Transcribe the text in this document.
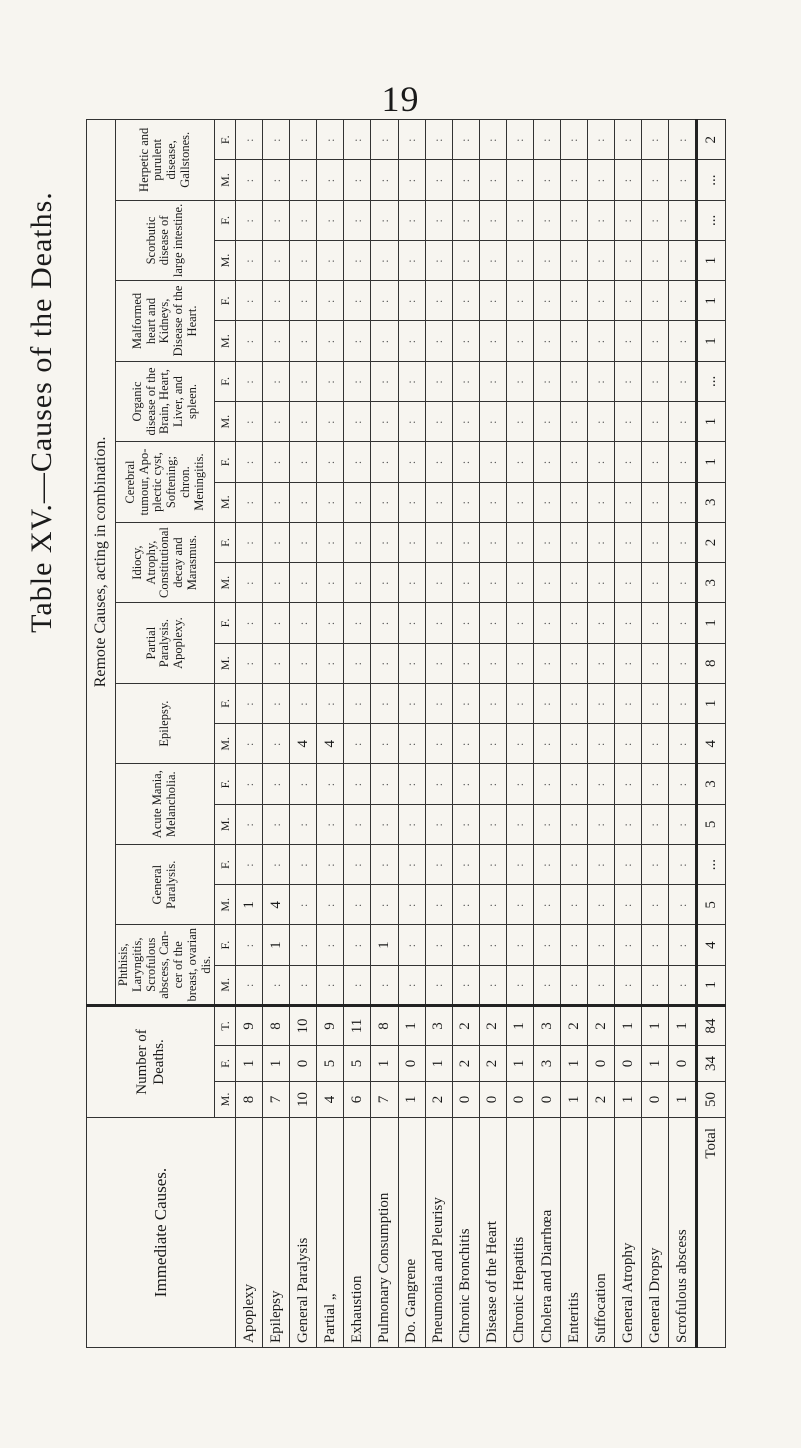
19
Table XV.—Causes of the Deaths.
Immediate Causes.	Number of Deaths.			Remote Causes, acting in combination.																					
				Phthisis, Laryngitis, Scrofulous abscess, Can-cer of the breast, ovarian dis.		General Paralysis.		Acute Mania, Melancholia.		Epilepsy.		Partial Paralysis. Apoplexy.		Idiocy, Atrophy, Constitutional decay and Marasmus.		Cerebral tumour, Apo-plectic cyst, Softening; chron. Meningitis.		Organic disease of the Brain, Heart, Liver, and spleen.		Malformed heart and Kidneys, Disease of the Heart.		Scorbutic disease of large intestine.		Herpetic and purulent disease, Gallstones.	
	M.	F.	T.	M.	F.	M.	F.	M.	F.	M.	F.	M.	F.	M.	F.	M.	F.	M.	F.	M.	F.	M.	F.	M.	F.
Apoplexy	8	1	9	:	:	1	:	:	:	:	:	:	:	:	:	:	:	:	:	:	:	:	:	:	:
Epilepsy	7	1	8	:	1	4	:	:	:	:	:	:	:	:	:	:	:	:	:	:	:	:	:	:	:
General Paralysis	10	0	10	:	:	:	:	:	:	4	:	:	:	:	:	:	:	:	:	:	:	:	:	:	:
Partial „	4	5	9	:	:	:	:	:	:	4	:	:	:	:	:	:	:	:	:	:	:	:	:	:	:
Exhaustion	6	5	11	:	:	:	:	:	:	:	:	:	:	:	:	:	:	:	:	:	:	:	:	:	:
Pulmonary Consumption	7	1	8	:	1	:	:	:	:	:	:	:	:	:	:	:	:	:	:	:	:	:	:	:	:
Do. Gangrene	1	0	1	:	:	:	:	:	:	:	:	:	:	:	:	:	:	:	:	:	:	:	:	:	:
Pneumonia and Pleurisy	2	1	3	:	:	:	:	:	:	:	:	:	:	:	:	:	:	:	:	:	:	:	:	:	:
Chronic Bronchitis	0	2	2	:	:	:	:	:	:	:	:	:	:	:	:	:	:	:	:	:	:	:	:	:	:
Disease of the Heart	0	2	2	:	:	:	:	:	:	:	:	:	:	:	:	:	:	:	:	:	:	:	:	:	:
Chronic Hepatitis	0	1	1	:	:	:	:	:	:	:	:	:	:	:	:	:	:	:	:	:	:	:	:	:	:
Cholera and Diarrhœa	0	3	3	:	:	:	:	:	:	:	:	:	:	:	:	:	:	:	:	:	:	:	:	:	:
Enteritis	1	1	2	:	:	:	:	:	:	:	:	:	:	:	:	:	:	:	:	:	:	:	:	:	:
Suffocation	2	0	2	:	:	:	:	:	:	:	:	:	:	:	:	:	:	:	:	:	:	:	:	:	:
General Atrophy	1	0	1	:	:	:	:	:	:	:	:	:	:	:	:	:	:	:	:	:	:	:	:	:	:
General Dropsy	0	1	1	:	:	:	:	:	:	:	:	:	:	:	:	:	:	:	:	:	:	:	:	:	:
Scrofulous abscess	1	0	1	:	:	:	:	:	:	:	:	:	:	:	:	:	:	:	:	:	:	:	:	:	:
Total	50	34	84	1	4	5	...	5	3	4	1	8	1	3	2	3	1	1	...	1	1	1	...	...	2
